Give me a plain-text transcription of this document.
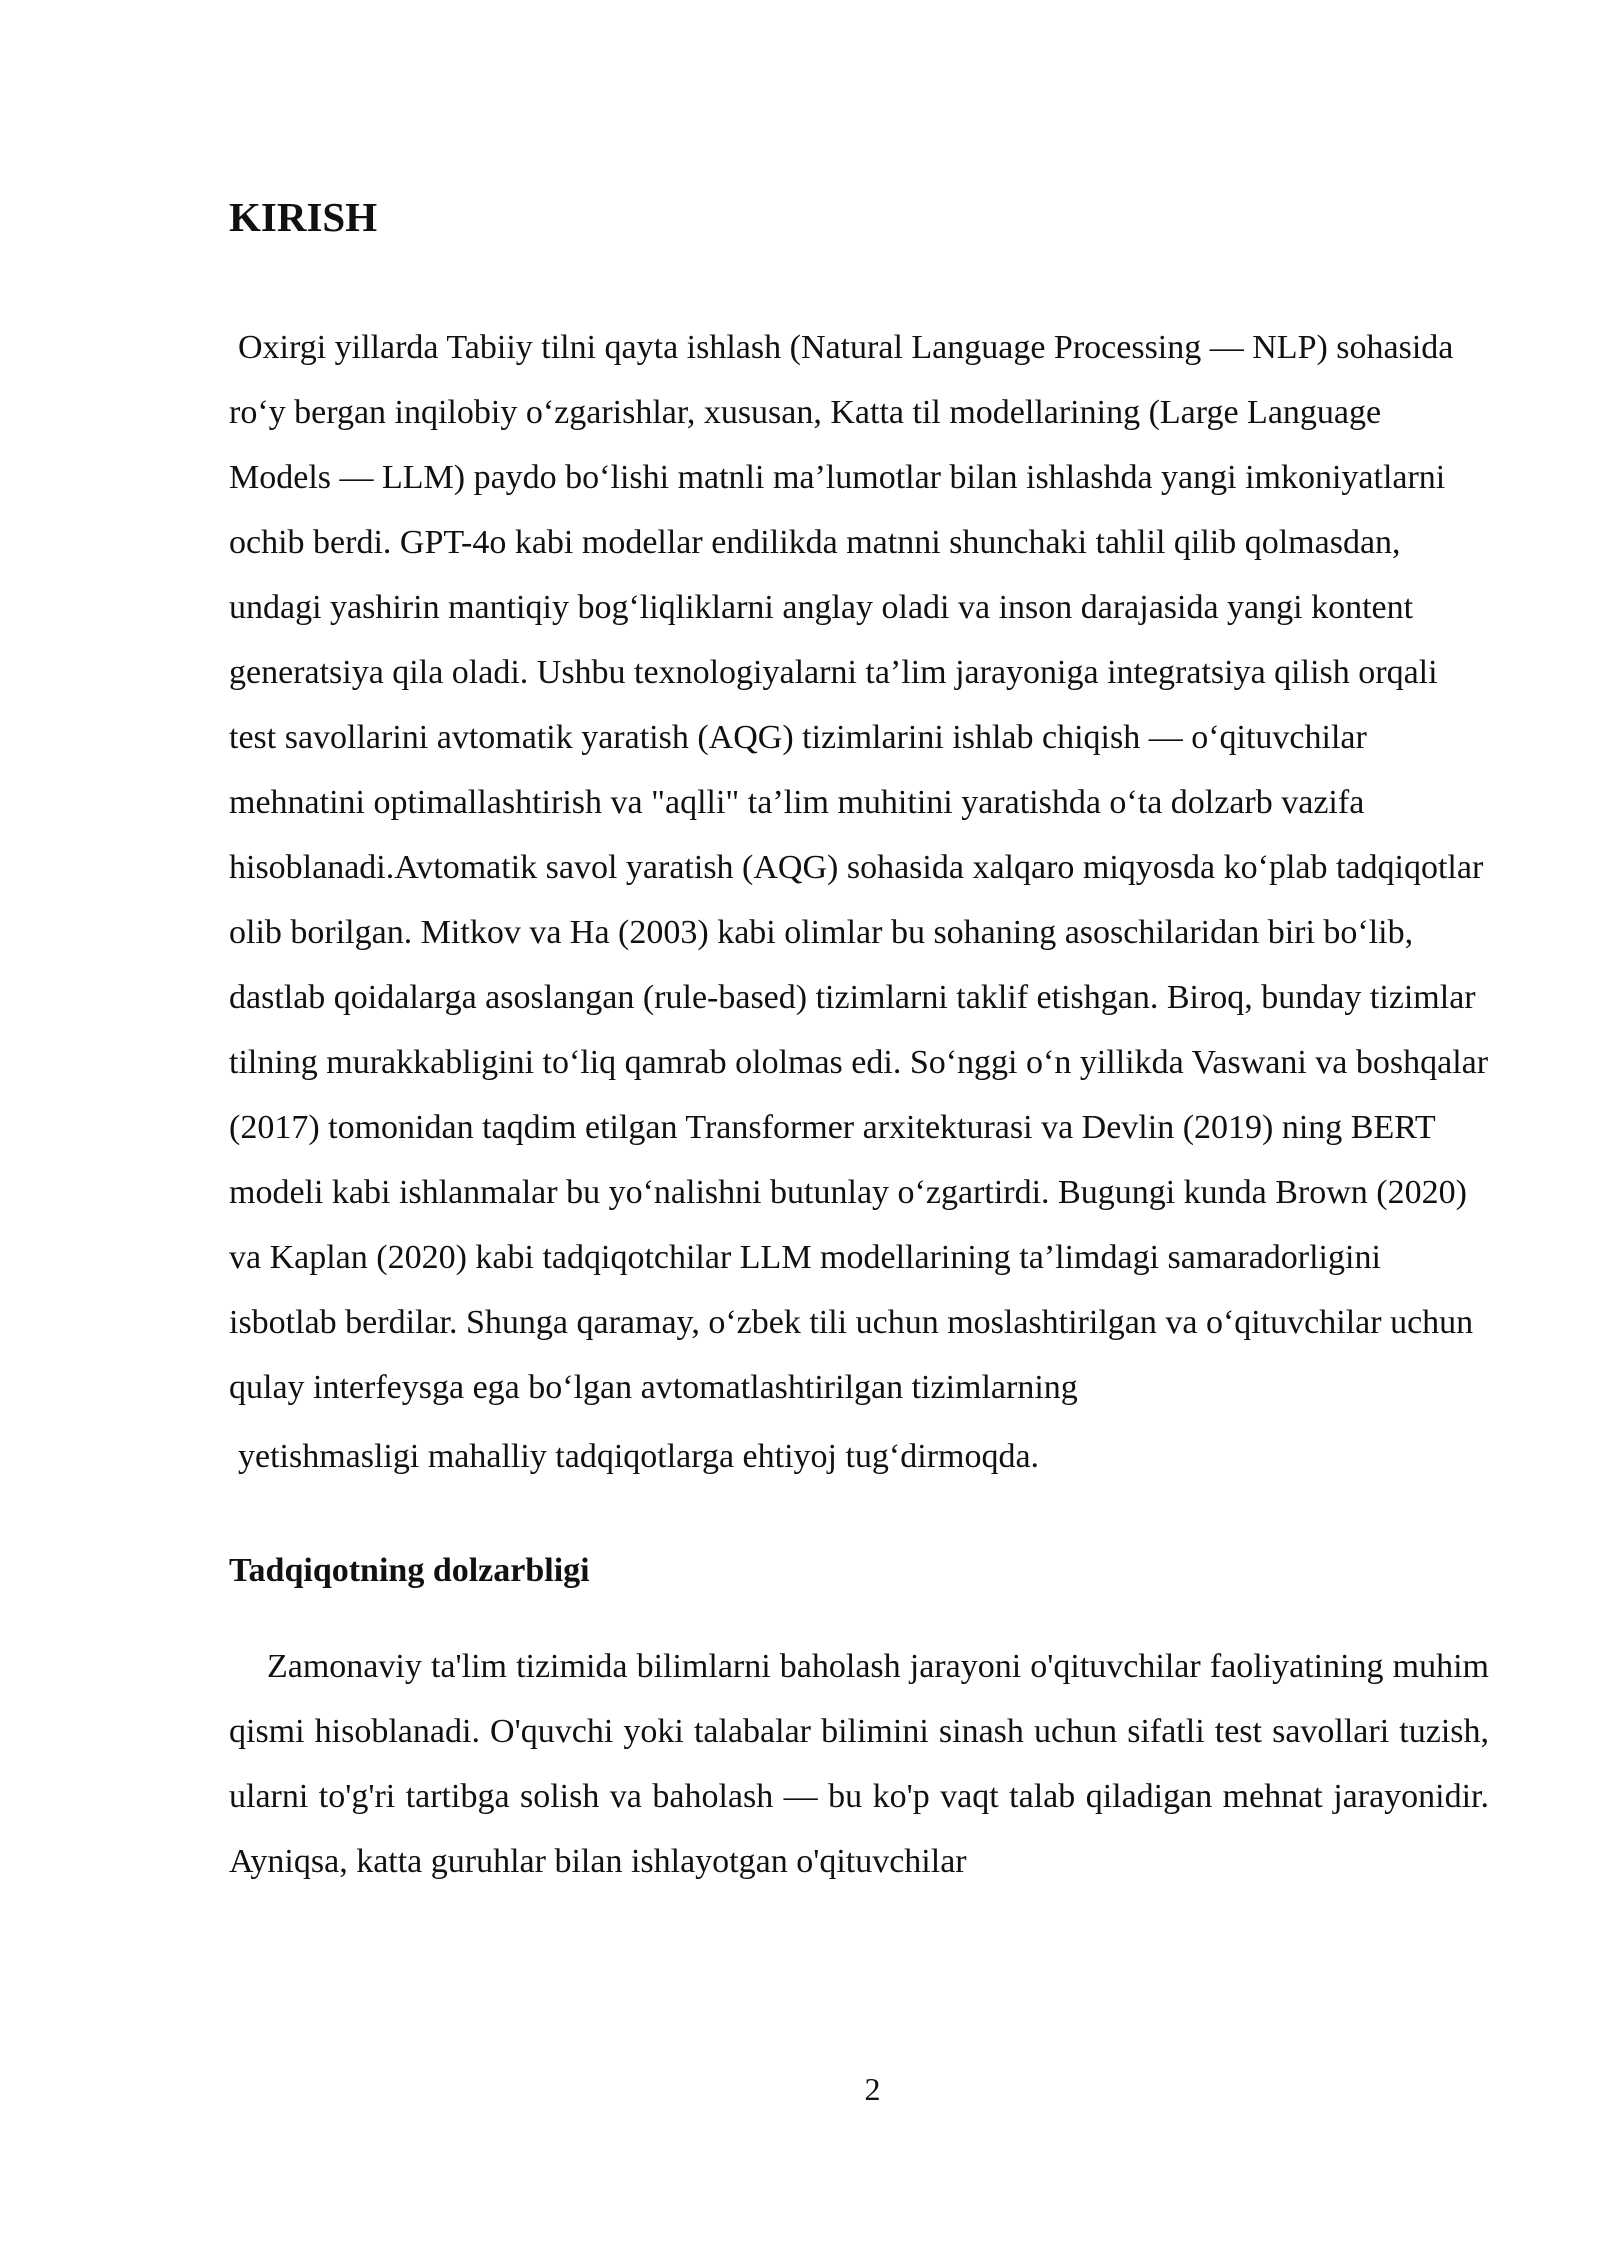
KIRISH

Oxirgi yillarda Tabiiy tilni qayta ishlash (Natural Language Processing — NLP) sohasida ro‘y bergan inqilobiy o‘zgarishlar, xususan, Katta til modellarining (Large Language Models — LLM) paydo bo‘lishi matnli ma’lumotlar bilan ishlashda yangi imkoniyatlarni ochib berdi. GPT-4o kabi modellar endilikda matnni shunchaki tahlil qilib qolmasdan, undagi yashirin mantiqiy bog‘liqliklarni anglay oladi va inson darajasida yangi kontent generatsiya qila oladi. Ushbu texnologiyalarni ta’lim jarayoniga integratsiya qilish orqali test savollarini avtomatik yaratish (AQG) tizimlarini ishlab chiqish — o‘qituvchilar mehnatini optimallashtirish va "aqlli" ta’lim muhitini yaratishda o‘ta dolzarb vazifa hisoblanadi.Avtomatik savol yaratish (AQG) sohasida xalqaro miqyosda ko‘plab tadqiqotlar olib borilgan. Mitkov va Ha (2003) kabi olimlar bu sohaning asoschilaridan biri bo‘lib, dastlab qoidalarga asoslangan (rule-based) tizimlarni taklif etishgan. Biroq, bunday tizimlar tilning murakkabligini to‘liq qamrab ololmas edi. So‘nggi o‘n yillikda Vaswani va boshqalar (2017) tomonidan taqdim etilgan Transformer arxitekturasi va Devlin (2019) ning BERT modeli kabi ishlanmalar bu yo‘nalishni butunlay o‘zgartirdi. Bugungi kunda Brown (2020) va Kaplan (2020) kabi tadqiqotchilar LLM modellarining ta’limdagi samaradorligini isbotlab berdilar. Shunga qaramay, o‘zbek tili uchun moslashtirilgan va o‘qituvchilar uchun qulay interfeysga ega bo‘lgan avtomatlashtirilgan tizimlarning yetishmasligi mahalliy tadqiqotlarga ehtiyoj tug‘dirmoqda.

Tadqiqotning dolzarbligi

Zamonaviy ta'lim tizimida bilimlarni baholash jarayoni o'qituvchilar faoliyatining muhim qismi hisoblanadi. O'quvchi yoki talabalar bilimini sinash uchun sifatli test savollari tuzish, ularni to'g'ri tartibga solish va baholash — bu ko'p vaqt talab qiladigan mehnat jarayonidir. Ayniqsa, katta guruhlar bilan ishlayotgan o'qituvchilar

2
